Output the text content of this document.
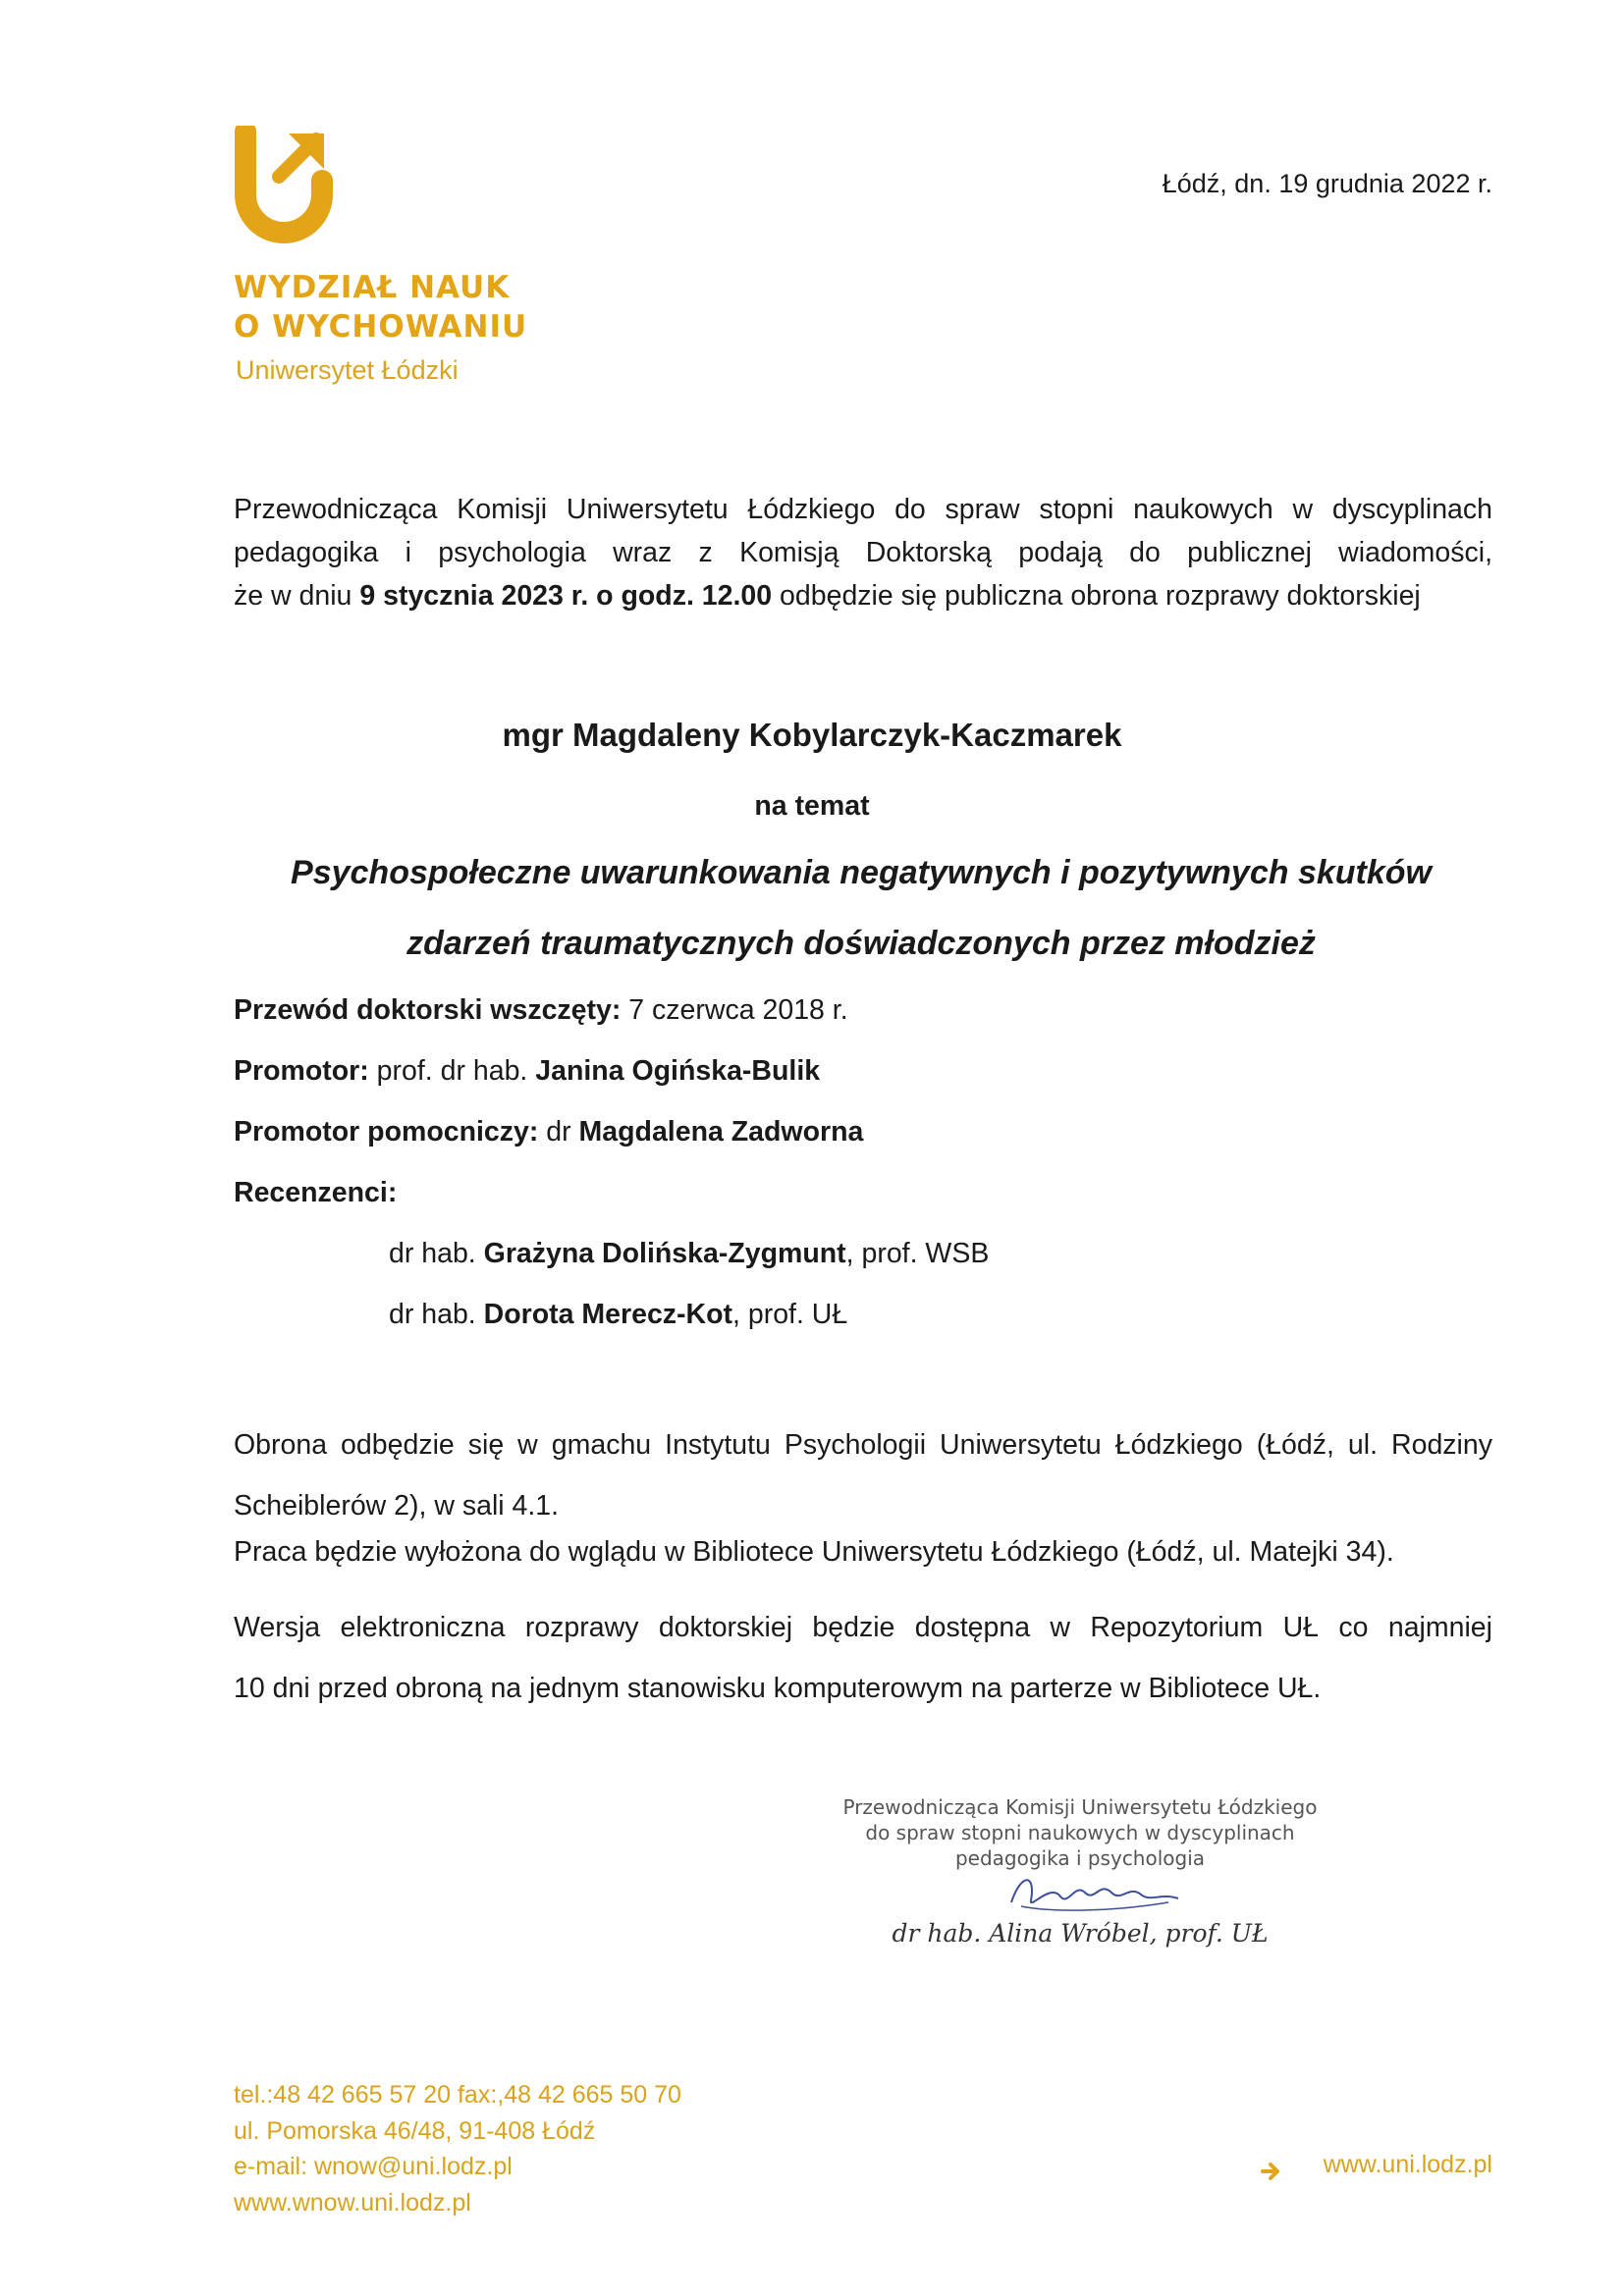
WYDZIAŁ NAUK
O WYCHOWANIU
Uniwersytet Łódzki
Łódź, dn. 19 grudnia 2022 r.
Przewodnicząca Komisji Uniwersytetu Łódzkiego do spraw stopni naukowych w dyscyplinach
pedagogika i psychologia wraz z Komisją Doktorską podają do publicznej wiadomości,
że w dniu 9 stycznia 2023 r. o godz. 12.00 odbędzie się publiczna obrona rozprawy doktorskiej
mgr Magdaleny Kobylarczyk-Kaczmarek
na temat
Psychospołeczne uwarunkowania negatywnych i pozytywnych skutków
zdarzeń traumatycznych doświadczonych przez młodzież
Przewód doktorski wszczęty: 7 czerwca 2018 r.
Promotor: prof. dr hab. Janina Ogińska-Bulik
Promotor pomocniczy: dr Magdalena Zadworna
Recenzenci:
dr hab. Grażyna Dolińska-Zygmunt, prof. WSB
dr hab. Dorota Merecz-Kot, prof. UŁ
Obrona odbędzie się w gmachu Instytutu Psychologii Uniwersytetu Łódzkiego (Łódź, ul. Rodziny
Scheiblerów 2), w sali 4.1.
Praca będzie wyłożona do wglądu w Bibliotece Uniwersytetu Łódzkiego (Łódź, ul. Matejki 34).
Wersja elektroniczna rozprawy doktorskiej będzie dostępna w Repozytorium UŁ co najmniej
10 dni przed obroną na jednym stanowisku komputerowym na parterze w Bibliotece UŁ.
Przewodnicząca Komisji Uniwersytetu Łódzkiego
do spraw stopni naukowych w dyscyplinach
pedagogika i psychologia
dr hab. Alina Wróbel, prof. UŁ
tel.:48 42 665 57 20 fax:,48 42 665 50 70
ul. Pomorska 46/48, 91-408 Łódź
e-mail: wnow@uni.lodz.pl
www.wnow.uni.lodz.pl
www.uni.lodz.pl
